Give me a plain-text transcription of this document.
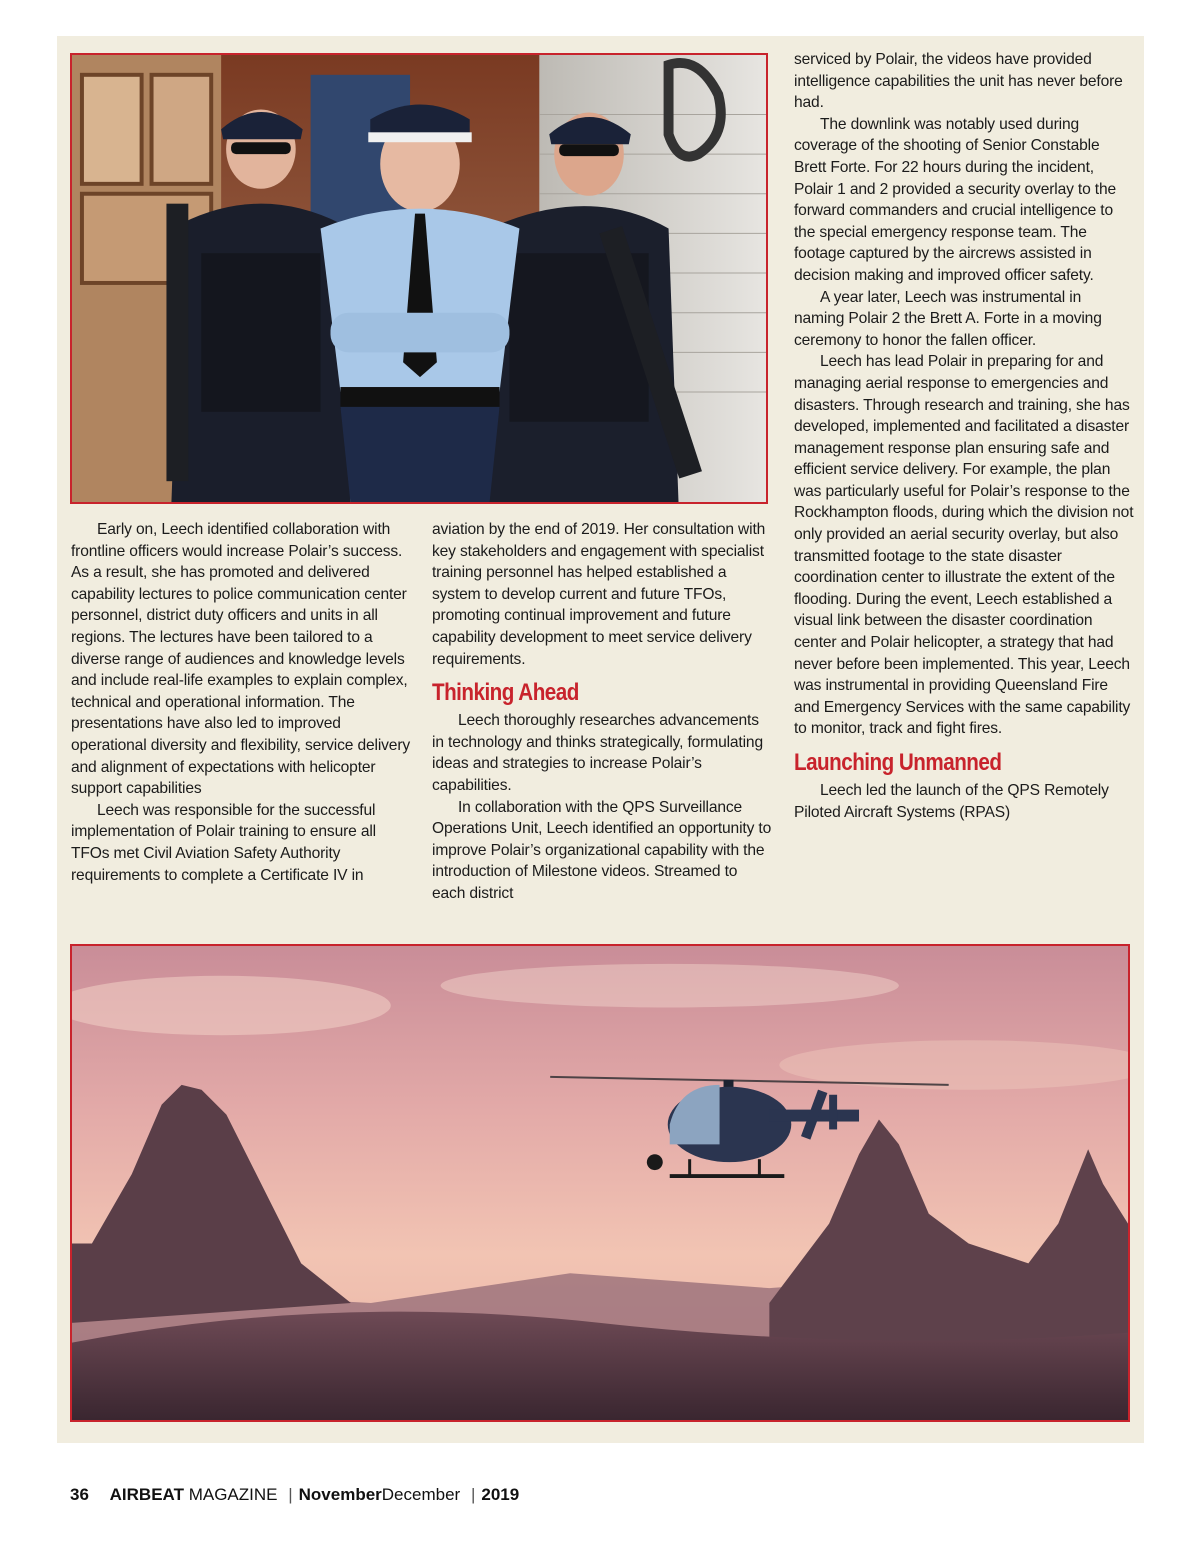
Early on, Leech identified collaboration with frontline officers would increase Polair’s success. As a result, she has promoted and delivered capability lectures to police communication center personnel, district duty officers and units in all regions. The lectures have been tailored to a diverse range of audiences and knowledge levels and include real-life examples to explain complex, technical and operational information. The presentations have also led to improved operational diversity and flexibility, service delivery and alignment of expectations with helicopter support capabilities

Leech was responsible for the successful implementation of Polair training to ensure all TFOs met Civil Aviation Safety Authority requirements to complete a Certificate IV in

aviation by the end of 2019. Her consultation with key stakeholders and engagement with specialist training personnel has helped established a system to develop current and future TFOs, promoting continual improvement and future capability development to meet service delivery requirements.

Thinking Ahead

Leech thoroughly researches advancements in technology and thinks strategically, formulating ideas and strategies to increase Polair’s capabilities.

In collaboration with the QPS Surveillance Operations Unit, Leech identified an opportunity to improve Polair’s organizational capability with the introduction of Milestone videos. Streamed to each district

serviced by Polair, the videos have provided intelligence capabilities the unit has never before had.

The downlink was notably used during coverage of the shooting of Senior Constable Brett Forte. For 22 hours during the incident, Polair 1 and 2 provided a security overlay to the forward commanders and crucial intelligence to the special emergency response team. The footage captured by the aircrews assisted in decision making and improved officer safety.

A year later, Leech was instrumental in naming Polair 2 the Brett A. Forte in a moving ceremony to honor the fallen officer.

Leech has lead Polair in preparing for and managing aerial response to emergencies and disasters. Through research and training, she has developed, implemented and facilitated a disaster management response plan ensuring safe and efficient service delivery. For example, the plan was particularly useful for Polair’s response to the Rockhampton floods, during which the division not only provided an aerial security overlay, but also transmitted footage to the state disaster coordination center to illustrate the extent of the flooding. During the event, Leech established a visual link between the disaster coordination center and Polair helicopter, a strategy that had never before been implemented. This year, Leech was instrumental in providing Queensland Fire and Emergency Services with the same capability to monitor, track and fight fires.

Launching Unmanned

Leech led the launch of the QPS Remotely Piloted Aircraft Systems (RPAS)

36 AIRBEAT MAGAZINE | NovemberDecember | 2019
